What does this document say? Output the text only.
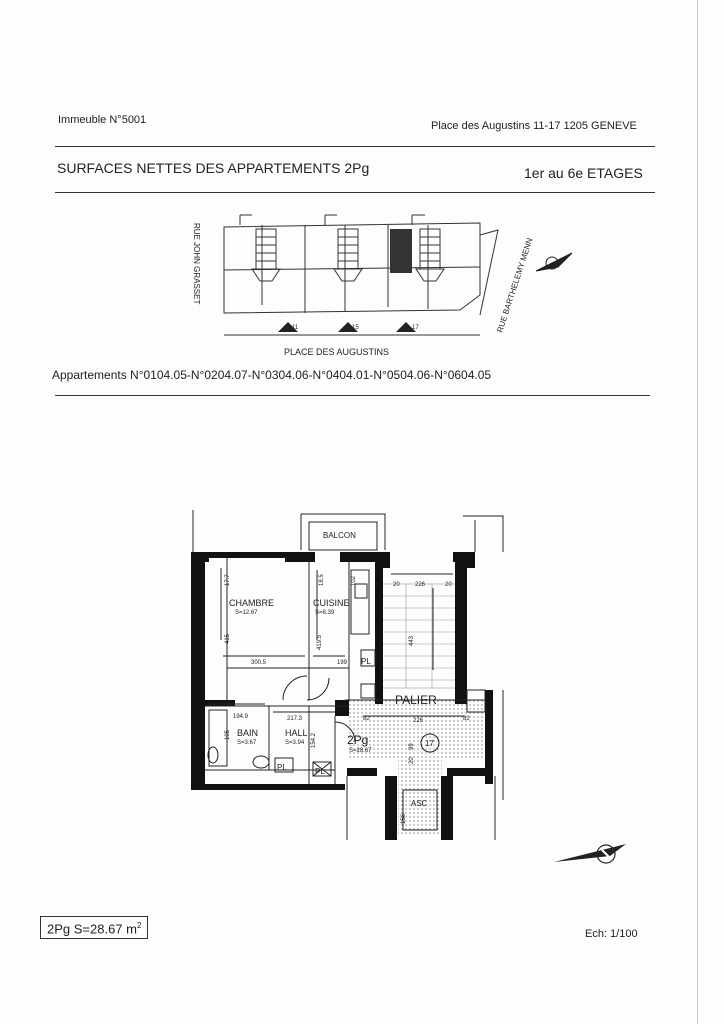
Immeuble N°5001	Place des Augustins 11-17 1205 GENEVE
SURFACES NETTES DES APPARTEMENTS 2Pg	1er au 6e ETAGES
11	15	17
PLACE DES AUGUSTINS
RUE JOHN GRASSET	RUE BARTHELEMY MENN
Appartements N°0104.05-N°0204.07-N°0304.06-N°0404.01-N°0504.06-N°0604.05
CHAMBRE
S=12.67
CUISINE
S=8.39
BALCON
BAIN
S=3.67
HALL
S=3.94
PALIER
2Pg
S=28.67
17
ASC
PL
PL	PL
17.7	18.5	102	20	226	20
415	419.5	443
300.5	199
194.9	217.3	82	226	82
154.2	99
20
105
156
2Pg S=28.67 $m^2$
Ech: 1/100
